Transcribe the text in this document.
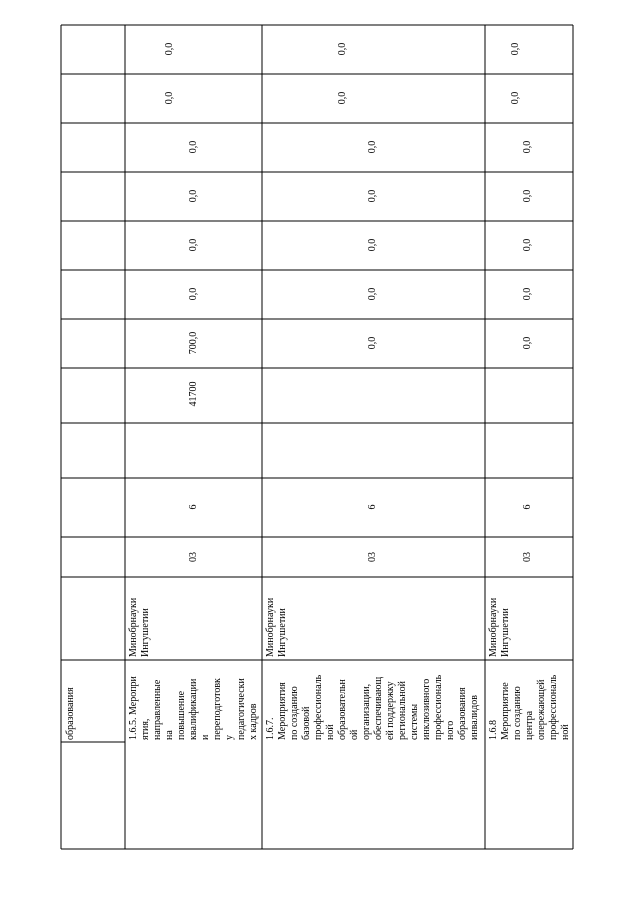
образования	1.6.5. Меропри
ятия,
направленные
на
повышение
квалификации
и
переподготовк
у
педагогически
х кадров
Минобрнауки
Ингушетии
1.6.7.
Мероприятия
по созданию
базовой
профессиональ
ной
образовательн
ой
организации,
обеспечивающ
ей поддержку
региональной
системы
инклюзивного
профессиональ
ного
образования
инвалидов
Минобрнауки
Ингушетии
1.6.8
Мероприятие
по созданию
центра
опережающей
профессиональ
ной
Минобрнауки
Ингушетии
03
6
41700
700,0
0,0
0,0
0,0
0,0
0,0
0,0
03
6
0,0
0,0
0,0
0,0
0,0
0,0
0,0
03
6
0,0
0,0
0,0
0,0
0,0
0,0
0,0
